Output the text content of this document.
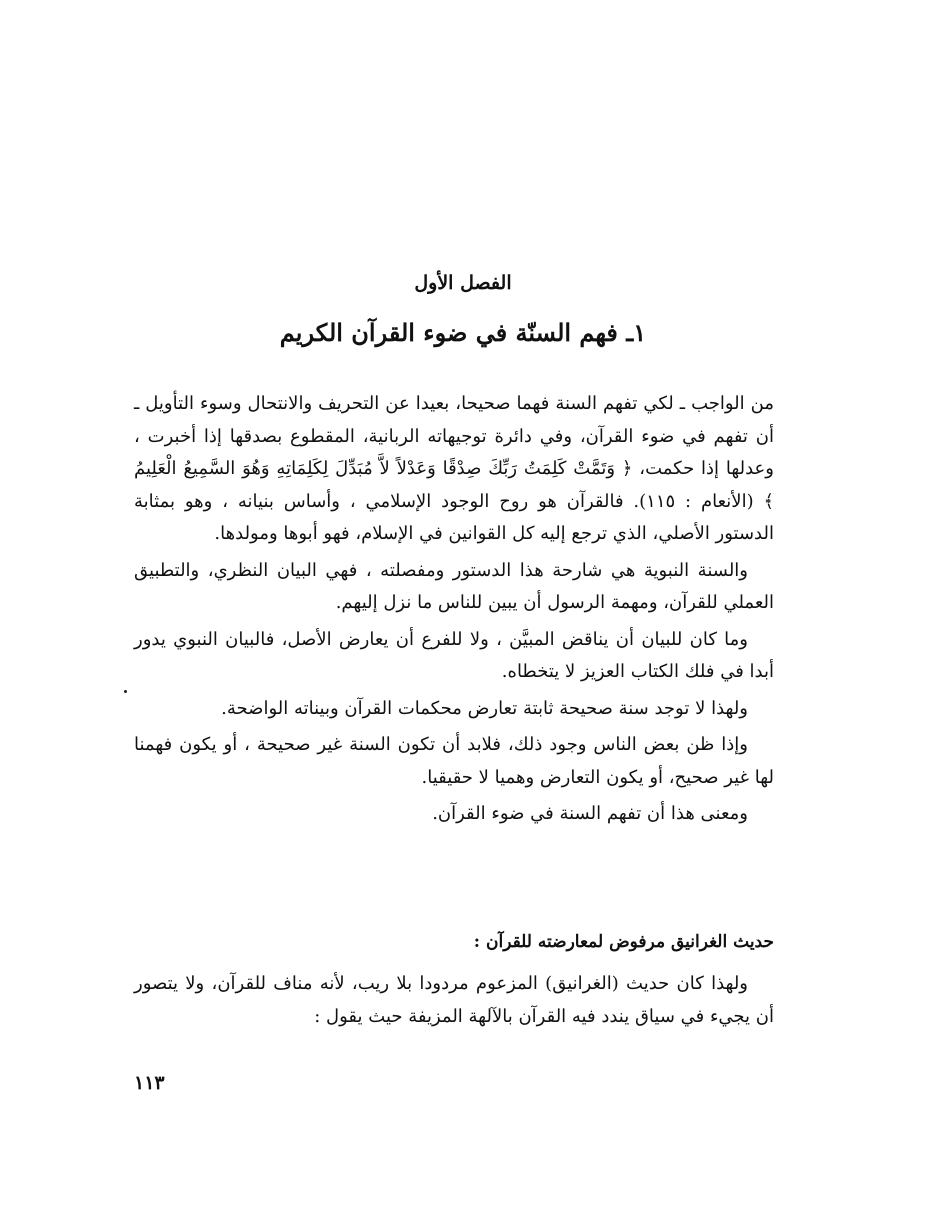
الفصل الأول
١ـ فهم السنّة في ضوء القرآن الكريم

من الواجب ـ لكي تفهم السنة فهما صحيحا، بعيدا عن التحريف والانتحال وسوء التأويل ـ أن تفهم في ضوء القرآن، وفي دائرة توجيهاته الربانية، المقطوع بصدقها إذا أخبرت ، وعدلها إذا حكمت، ﴿ وَتَمَّتْ كَلِمَتُ رَبِّكَ صِدْقًا وَعَدْلاً لاَّ مُبَدِّلَ لِكَلِمَاتِهِ وَهُوَ السَّمِيعُ الْعَلِيمُ ﴾ (الأنعام : ١١٥). فالقرآن هو روح الوجود الإسلامي ، وأساس بنيانه ، وهو بمثابة الدستور الأصلي، الذي ترجع إليه كل القوانين في الإسلام، فهو أبوها ومولدها.

والسنة النبوية هي شارحة هذا الدستور ومفصلته ، فهي البيان النظري، والتطبيق العملي للقرآن، ومهمة الرسول أن يبين للناس ما نزل إليهم.

وما كان للبيان أن يناقض المبيَّن ، ولا للفرع أن يعارض الأصل، فالبيان النبوي يدور أبدا في فلك الكتاب العزيز لا يتخطاه.

ولهذا لا توجد سنة صحيحة ثابتة تعارض محكمات القرآن وبيناته الواضحة.

وإذا ظن بعض الناس وجود ذلك، فلابد أن تكون السنة غير صحيحة ، أو يكون فهمنا لها غير صحيح، أو يكون التعارض وهميا لا حقيقيا.

ومعنى هذا أن تفهم السنة في ضوء القرآن.

حديث الغرانيق مرفوض لمعارضته للقرآن :

ولهذا كان حديث (الغرانيق) المزعوم مردودا بلا ريب، لأنه مناف للقرآن، ولا يتصور أن يجيء في سياق يندد فيه القرآن بالآلهة المزيفة حيث يقول :

١١٣
